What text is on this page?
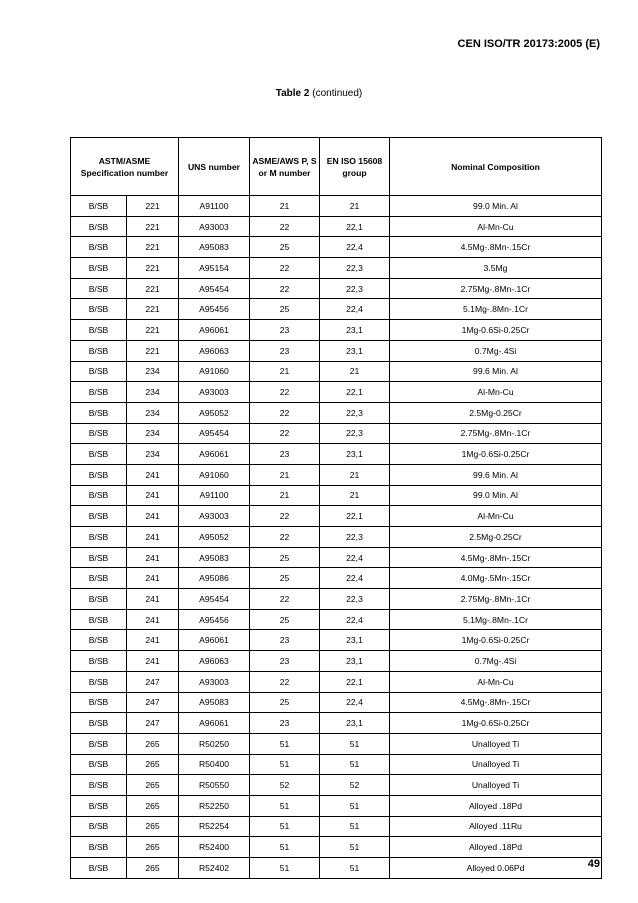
CEN ISO/TR 20173:2005 (E)
Table 2 (continued)
ASTM/ASME Specification number		UNS number	ASME/AWS P, S or M number	EN ISO 15608 group	Nominal Composition
B/SB	221	A91100	21	21	99.0 Min. Al
B/SB	221	A93003	22	22,1	Al-Mn-Cu
B/SB	221	A95083	25	22,4	4.5Mg-.8Mn-.15Cr
B/SB	221	A95154	22	22,3	3.5Mg
B/SB	221	A95454	22	22,3	2.75Mg-.8Mn-.1Cr
B/SB	221	A95456	25	22,4	5.1Mg-.8Mn-.1Cr
B/SB	221	A96061	23	23,1	1Mg-0.6Si-0.25Cr
B/SB	221	A96063	23	23,1	0.7Mg-.4Si
B/SB	234	A91060	21	21	99.6 Min. Al
B/SB	234	A93003	22	22,1	Al-Mn-Cu
B/SB	234	A95052	22	22,3	2.5Mg-0.25Cr
B/SB	234	A95454	22	22,3	2.75Mg-.8Mn-.1Cr
B/SB	234	A96061	23	23,1	1Mg-0.6Si-0.25Cr
B/SB	241	A91060	21	21	99.6 Min. Al
B/SB	241	A91100	21	21	99.0 Min. Al
B/SB	241	A93003	22	22,1	Al-Mn-Cu
B/SB	241	A95052	22	22,3	2.5Mg-0.25Cr
B/SB	241	A95083	25	22,4	4.5Mg-.8Mn-.15Cr
B/SB	241	A95086	25	22,4	4.0Mg-.5Mn-.15Cr
B/SB	241	A95454	22	22,3	2.75Mg-.8Mn-.1Cr
B/SB	241	A95456	25	22,4	5.1Mg-.8Mn-.1Cr
B/SB	241	A96061	23	23,1	1Mg-0.6Si-0.25Cr
B/SB	241	A96063	23	23,1	0.7Mg-.4Si
B/SB	247	A93003	22	22,1	Al-Mn-Cu
B/SB	247	A95083	25	22,4	4.5Mg-.8Mn-.15Cr
B/SB	247	A96061	23	23,1	1Mg-0.6Si-0.25Cr
B/SB	265	R50250	51	51	Unalloyed Ti
B/SB	265	R50400	51	51	Unalloyed Ti
B/SB	265	R50550	52	52	Unalloyed Ti
B/SB	265	R52250	51	51	Alloyed .18Pd
B/SB	265	R52254	51	51	Alloyed .11Ru
B/SB	265	R52400	51	51	Alloyed .18Pd
B/SB	265	R52402	51	51	Alloyed 0.06Pd	49
